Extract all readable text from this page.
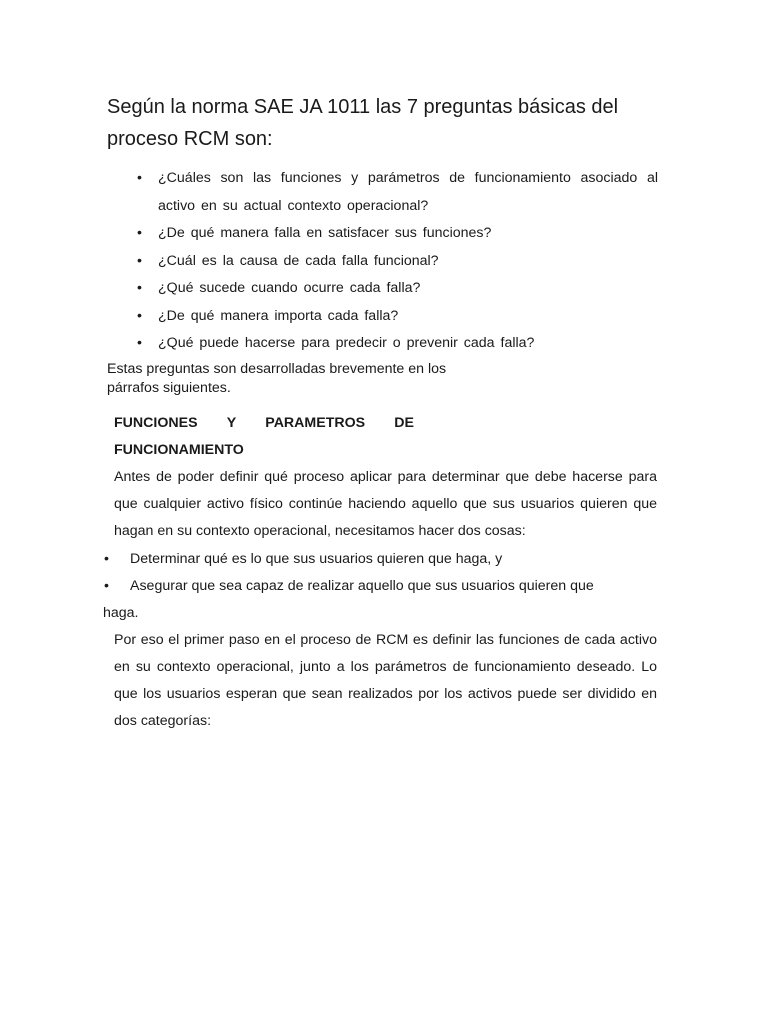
Según la norma SAE JA 1011 las 7 preguntas básicas del proceso RCM son:
• ¿Cuáles son las funciones y parámetros de funcionamiento asociado al activo en su actual contexto operacional?
• ¿De qué manera falla en satisfacer sus funciones?
• ¿Cuál es la causa de cada falla funcional?
• ¿Qué sucede cuando ocurre cada falla?
• ¿De qué manera importa cada falla?
• ¿Qué puede hacerse para predecir o prevenir cada falla?

Estas preguntas son desarrolladas brevemente en los
párrafos siguientes.

FUNCIONES Y PARAMETROS DE
FUNCIONAMIENTO

Antes de poder definir qué proceso aplicar para determinar que debe hacerse para que cualquier activo físico continúe haciendo aquello que sus usuarios quieren que hagan en su contexto operacional, necesitamos hacer dos cosas:

• Determinar qué es lo que sus usuarios quieren que haga, y
• Asegurar que sea capaz de realizar aquello que sus usuarios quieren que
haga.

Por eso el primer paso en el proceso de RCM es definir las funciones de cada activo en su contexto operacional, junto a los parámetros de funcionamiento deseado. Lo que los usuarios esperan que sean realizados por los activos puede ser dividido en dos categorías:
